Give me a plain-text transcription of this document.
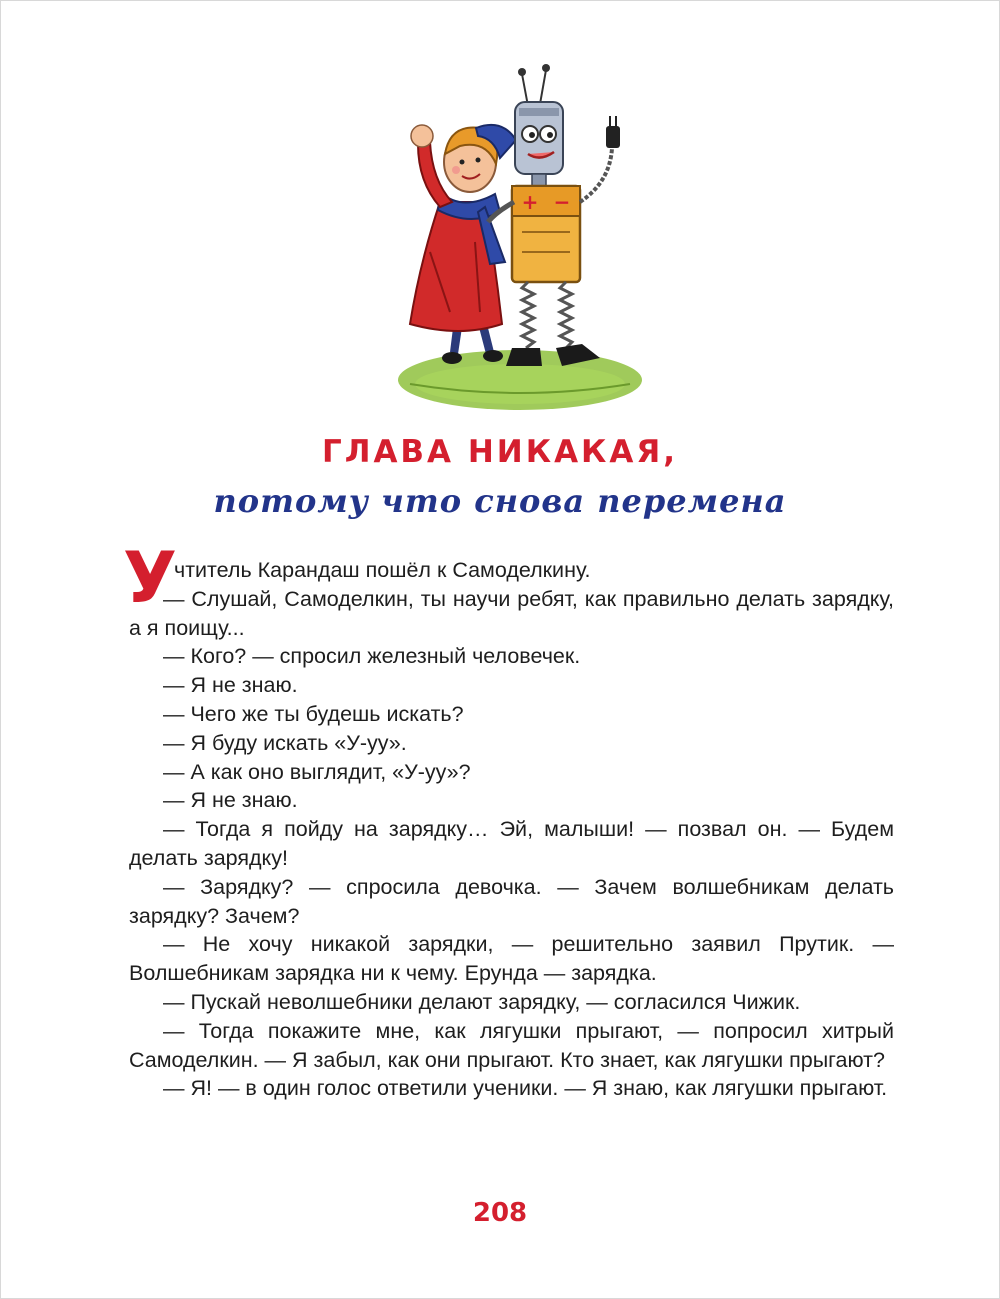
+ −
ГЛАВА НИКАКАЯ,
потому что снова перемена
У

чтитель Карандаш пошёл к Самоделкину.

— Слушай, Самоделкин, ты научи ребят, как правильно делать зарядку, а я поищу...

— Кого? — спросил железный человечек.

— Я не знаю.

— Чего же ты будешь искать?

— Я буду искать «У-уу».

— А как оно выглядит, «У-уу»?

— Я не знаю.

— Тогда я пойду на зарядку… Эй, малыши! — позвал он. — Будем делать зарядку!

— Зарядку? — спросила девочка. — Зачем волшебникам делать зарядку? Зачем?

— Не хочу никакой зарядки, — решительно заявил Прутик. — Волшебникам зарядка ни к чему. Ерунда — зарядка.

— Пускай неволшебники делают зарядку, — согласился Чижик.

— Тогда покажите мне, как лягушки прыгают, — попросил хитрый Самоделкин. — Я забыл, как они прыгают. Кто знает, как лягушки прыгают?

— Я! — в один голос ответили ученики. — Я знаю, как лягушки прыгают.

208
